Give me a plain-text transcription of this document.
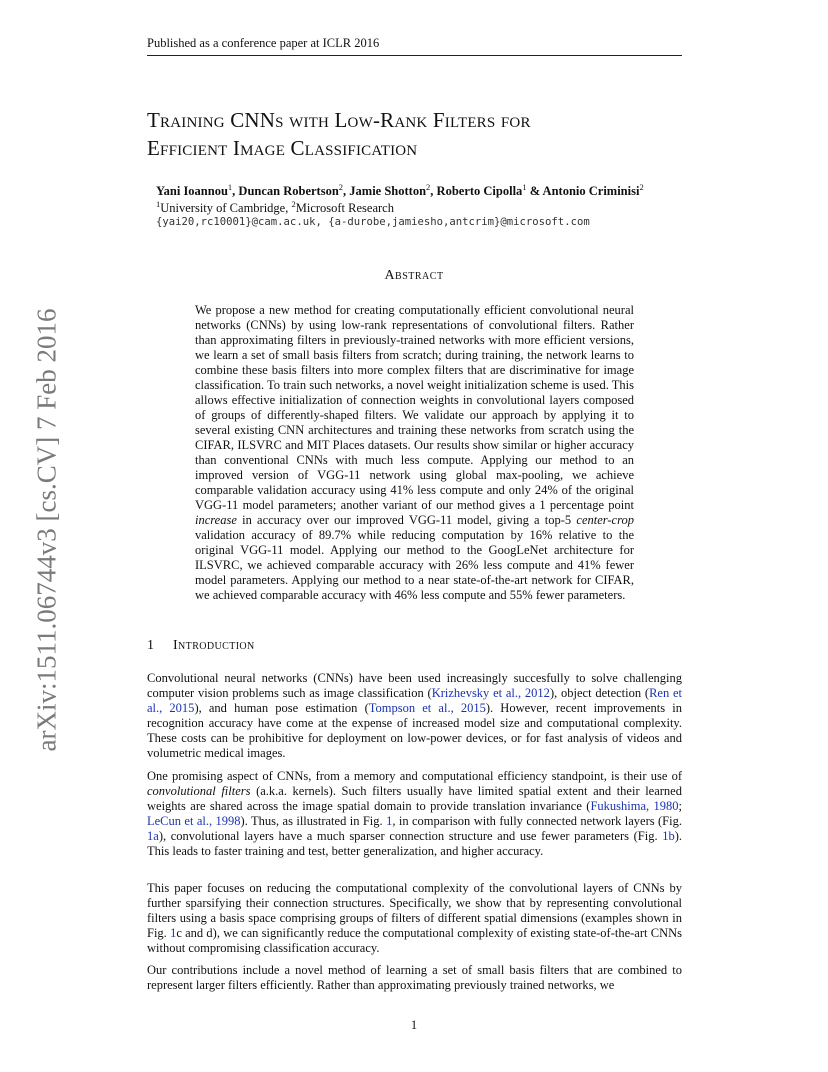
Published as a conference paper at ICLR 2016
arXiv:1511.06744v3 [cs.CV] 7 Feb 2016
Training CNNs with Low-Rank Filters for
Efficient Image Classification
Yani Ioannou$^1$, Duncan Robertson$^2$, Jamie Shotton$^2$, Roberto Cipolla$^1$ & Antonio Criminisi$^2$
$^1$University of Cambridge, $^2$Microsoft Research
{yai20,rc10001}@cam.ac.uk, {a-durobe,jamiesho,antcrim}@microsoft.com
Abstract
We propose a new method for creating computationally efficient convolutional neural networks (CNNs) by using low-rank representations of convolutional filters. Rather than approximating filters in previously-trained networks with more efficient versions, we learn a set of small basis filters from scratch; during training, the network learns to combine these basis filters into more complex filters that are discriminative for image classification. To train such networks, a novel weight initialization scheme is used. This allows effective initialization of connection weights in convolutional layers composed of groups of differently-shaped filters. We validate our approach by applying it to several existing CNN architectures and training these networks from scratch using the CIFAR, ILSVRC and MIT Places datasets. Our results show similar or higher accuracy than conventional CNNs with much less compute. Applying our method to an improved version of VGG-11 network using global max-pooling, we achieve comparable validation accuracy using 41% less compute and only 24% of the original VGG-11 model parameters; another variant of our method gives a 1 percentage point increase in accuracy over our improved VGG-11 model, giving a top-5 center-crop validation accuracy of 89.7% while reducing computation by 16% relative to the original VGG-11 model. Applying our method to the GoogLeNet architecture for ILSVRC, we achieved comparable accuracy with 26% less compute and 41% fewer model parameters. Applying our method to a near state-of-the-art network for CIFAR, we achieved comparable accuracy with 46% less compute and 55% fewer parameters.
1 Introduction
Convolutional neural networks (CNNs) have been used increasingly succesfully to solve challenging computer vision problems such as image classification (Krizhevsky et al., 2012), object detection (Ren et al., 2015), and human pose estimation (Tompson et al., 2015). However, recent improvements in recognition accuracy have come at the expense of increased model size and computational complexity. These costs can be prohibitive for deployment on low-power devices, or for fast analysis of videos and volumetric medical images.
One promising aspect of CNNs, from a memory and computational efficiency standpoint, is their use of convolutional filters (a.k.a. kernels). Such filters usually have limited spatial extent and their learned weights are shared across the image spatial domain to provide translation invariance (Fukushima, 1980; LeCun et al., 1998). Thus, as illustrated in Fig. 1, in comparison with fully connected network layers (Fig. 1a), convolutional layers have a much sparser connection structure and use fewer parameters (Fig. 1b). This leads to faster training and test, better generalization, and higher accuracy.
This paper focuses on reducing the computational complexity of the convolutional layers of CNNs by further sparsifying their connection structures. Specifically, we show that by representing convolutional filters using a basis space comprising groups of filters of different spatial dimensions (examples shown in Fig. 1c and d), we can significantly reduce the computational complexity of existing state-of-the-art CNNs without compromising classification accuracy.
Our contributions include a novel method of learning a set of small basis filters that are combined to represent larger filters efficiently. Rather than approximating previously trained networks, we
1
